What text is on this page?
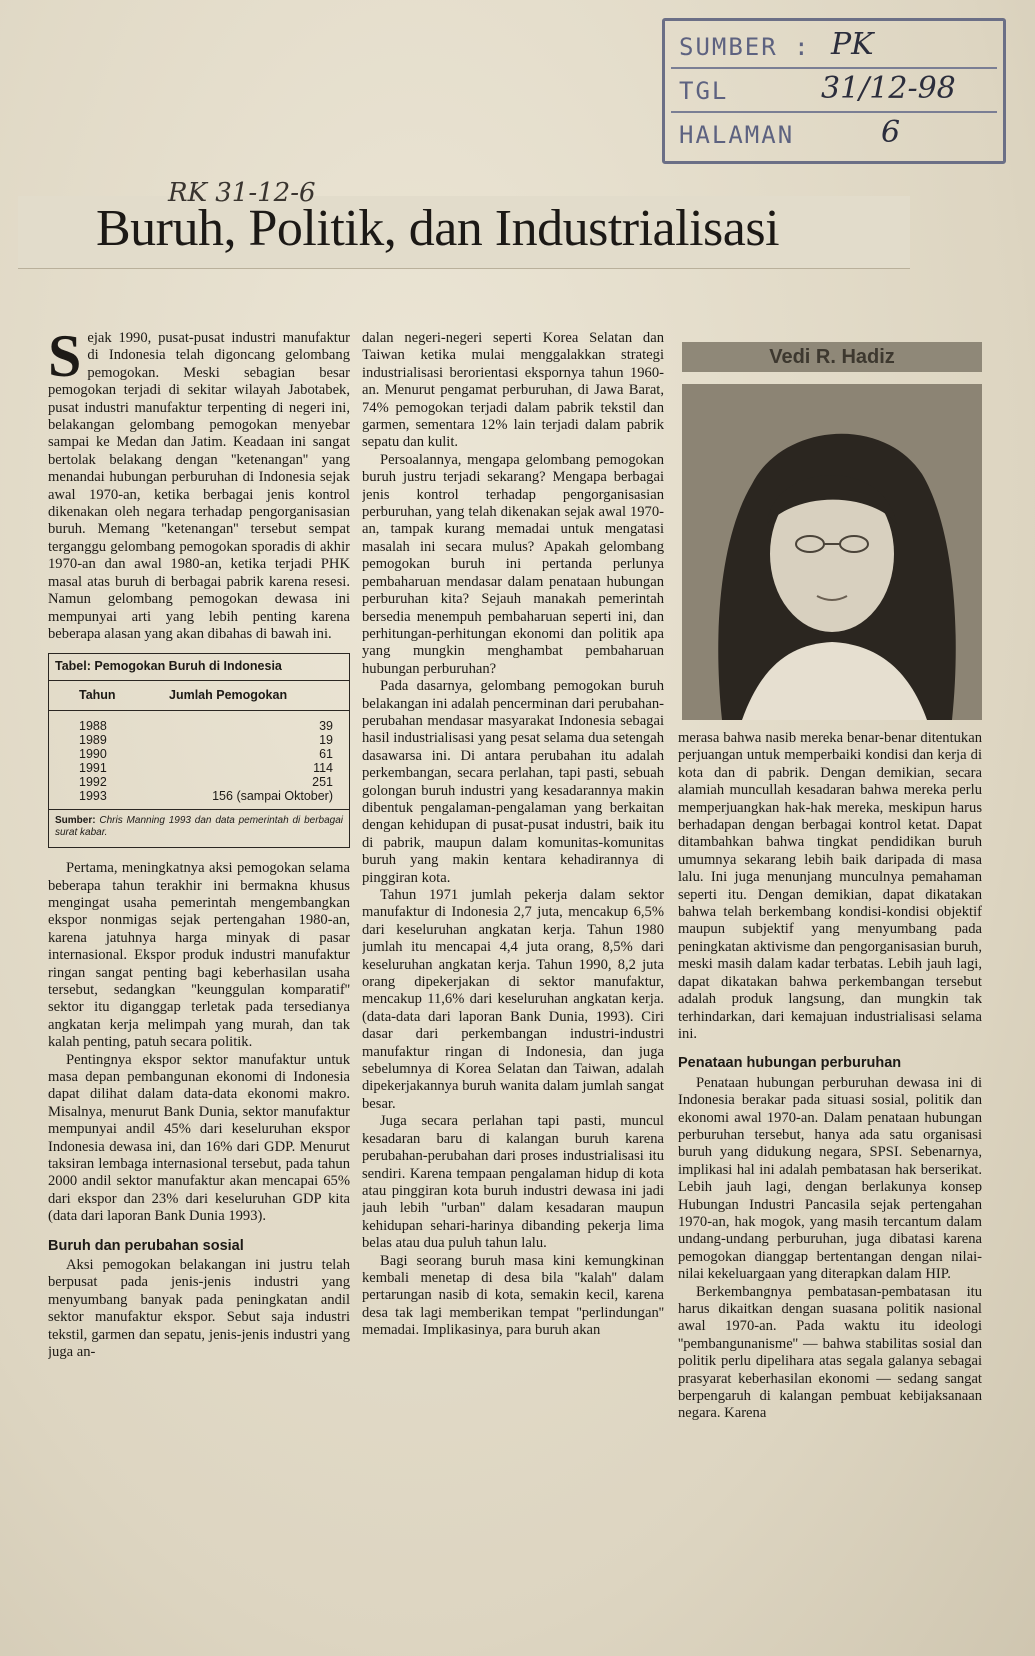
SUMBER : PK
TGL	31/12-98
HALAMAN	6
RK 31-12-6
Buruh, Politik, dan Industrialisasi

Sejak 1990, pusat-pusat industri manufaktur di Indonesia telah digoncang gelombang pemogokan. Meski sebagian besar pemogokan terjadi di sekitar wilayah Jabotabek, pusat industri manufaktur terpenting di negeri ini, belakangan gelombang pemogokan menyebar sampai ke Medan dan Jatim. Keadaan ini sangat bertolak belakang dengan ''ketenangan'' yang menandai hubungan perburuhan di Indonesia sejak awal 1970-an, ketika berbagai jenis kontrol dikenakan oleh negara terhadap pengorganisasian buruh. Memang ''ketenangan'' tersebut sempat terganggu gelombang pemogokan sporadis di akhir 1970-an dan awal 1980-an, ketika terjadi PHK masal atas buruh di berbagai pabrik karena resesi. Namun gelombang pemogokan dewasa ini mempunyai arti yang lebih penting karena beberapa alasan yang akan dibahas di bawah ini.

Tabel: Pemogokan Buruh di Indonesia
Tahun	Jumlah Pemogokan
1988	39
1989	19
1990	61
1991	114
1992	251
1993	156 (sampai Oktober)
Sumber: Chris Manning 1993 dan data pemerintah di berbagai surat kabar.

Pertama, meningkatnya aksi pemogokan selama beberapa tahun terakhir ini bermakna khusus mengingat usaha pemerintah mengembangkan ekspor nonmigas sejak pertengahan 1980-an, karena jatuhnya harga minyak di pasar internasional. Ekspor produk industri manufaktur ringan sangat penting bagi keberhasilan usaha tersebut, sedangkan ''keunggulan komparatif'' sektor itu diganggap terletak pada tersedianya angkatan kerja melimpah yang murah, dan tak kalah penting, patuh secara politik.

Pentingnya ekspor sektor manufaktur untuk masa depan pembangunan ekonomi di Indonesia dapat dilihat dalam data-data ekonomi makro. Misalnya, menurut Bank Dunia, sektor manufaktur mempunyai andil 45% dari keseluruhan ekspor Indonesia dewasa ini, dan 16% dari GDP. Menurut taksiran lembaga internasional tersebut, pada tahun 2000 andil sektor manufaktur akan mencapai 65% dari ekspor dan 23% dari keseluruhan GDP kita (data dari laporan Bank Dunia 1993).

Buruh dan perubahan sosial

Aksi pemogokan belakangan ini justru telah berpusat pada jenis-jenis industri yang menyumbang banyak pada peningkatan andil sektor manufaktur ekspor. Sebut saja industri tekstil, garmen dan sepatu, jenis-jenis industri yang juga an-

dalan negeri-negeri seperti Korea Selatan dan Taiwan ketika mulai menggalakkan strategi industrialisasi berorientasi ekspornya tahun 1960-an. Menurut pengamat perburuhan, di Jawa Barat, 74% pemogokan terjadi dalam pabrik tekstil dan garmen, sementara 12% lain terjadi dalam pabrik sepatu dan kulit.

Persoalannya, mengapa gelombang pemogokan buruh justru terjadi sekarang? Mengapa berbagai jenis kontrol terhadap pengorganisasian perburuhan, yang telah dikenakan sejak awal 1970-an, tampak kurang memadai untuk mengatasi masalah ini secara mulus? Apakah gelombang pemogokan buruh ini pertanda perlunya pembaharuan mendasar dalam penataan hubungan perburuhan kita? Sejauh manakah pemerintah bersedia menempuh pembaharuan seperti ini, dan perhitungan-perhitungan ekonomi dan politik apa yang mungkin menghambat pembaharuan hubungan perburuhan?

Pada dasarnya, gelombang pemogokan buruh belakangan ini adalah pencerminan dari perubahan-perubahan mendasar masyarakat Indonesia sebagai hasil industrialisasi yang pesat selama dua setengah dasawarsa ini. Di antara perubahan itu adalah perkembangan, secara perlahan, tapi pasti, sebuah golongan buruh industri yang kesadarannya makin dibentuk pengalaman-pengalaman yang berkaitan dengan kehidupan di pusat-pusat industri, baik itu di pabrik, maupun dalam komunitas-komunitas buruh yang makin kentara kehadirannya di pinggiran kota.

Tahun 1971 jumlah pekerja dalam sektor manufaktur di Indonesia 2,7 juta, mencakup 6,5% dari keseluruhan angkatan kerja. Tahun 1980 jumlah itu mencapai 4,4 juta orang, 8,5% dari keseluruhan angkatan kerja. Tahun 1990, 8,2 juta orang dipekerjakan di sektor manufaktur, mencakup 11,6% dari keseluruhan angkatan kerja. (data-data dari laporan Bank Dunia, 1993). Ciri dasar dari perkembangan industri-industri manufaktur ringan di Indonesia, dan juga sebelumnya di Korea Selatan dan Taiwan, adalah dipekerjakannya buruh wanita dalam jumlah sangat besar.

Juga secara perlahan tapi pasti, muncul kesadaran baru di kalangan buruh karena perubahan-perubahan dari proses industrialisasi itu sendiri. Karena tempaan pengalaman hidup di kota atau pinggiran kota buruh industri dewasa ini jadi jauh lebih ''urban'' dalam kesadaran maupun kehidupan sehari-harinya dibanding pekerja lima belas atau dua puluh tahun lalu.

Bagi seorang buruh masa kini kemungkinan kembali menetap di desa bila ''kalah'' dalam pertarungan nasib di kota, semakin kecil, karena desa tak lagi memberikan tempat ''perlindungan'' memadai. Implikasinya, para buruh akan

Vedi R. Hadiz

merasa bahwa nasib mereka benar-benar ditentukan perjuangan untuk memperbaiki kondisi dan kerja di kota dan di pabrik. Dengan demikian, secara alamiah muncullah kesadaran bahwa mereka perlu memperjuangkan hak-hak mereka, meskipun harus berhadapan dengan berbagai kontrol ketat. Dapat ditambahkan bahwa tingkat pendidikan buruh umumnya sekarang lebih baik daripada di masa lalu. Ini juga menunjang munculnya pemahaman seperti itu. Dengan demikian, dapat dikatakan bahwa telah berkembang kondisi-kondisi objektif maupun subjektif yang menyumbang pada peningkatan aktivisme dan pengorganisasian buruh, meski masih dalam kadar terbatas. Lebih jauh lagi, dapat dikatakan bahwa perkembangan tersebut adalah produk langsung, dan mungkin tak terhindarkan, dari kemajuan industrialisasi selama ini.

Penataan hubungan perburuhan

Penataan hubungan perburuhan dewasa ini di Indonesia berakar pada situasi sosial, politik dan ekonomi awal 1970-an. Dalam penataan hubungan perburuhan tersebut, hanya ada satu organisasi buruh yang didukung negara, SPSI. Sebenarnya, implikasi hal ini adalah pembatasan hak berserikat. Lebih jauh lagi, dengan berlakunya konsep Hubungan Industri Pancasila sejak pertengahan 1970-an, hak mogok, yang masih tercantum dalam undang-undang perburuhan, juga dibatasi karena pemogokan dianggap bertentangan dengan nilai-nilai kekeluargaan yang diterapkan dalam HIP.

Berkembangnya pembatasan-pembatasan itu harus dikaitkan dengan suasana politik nasional awal 1970-an. Pada waktu itu ideologi ''pembangunanisme'' — bahwa stabilitas sosial dan politik perlu dipelihara atas segala galanya sebagai prasyarat keberhasilan ekonomi — sedang sangat berpengaruh di kalangan pembuat kebijaksanaan negara. Karena
